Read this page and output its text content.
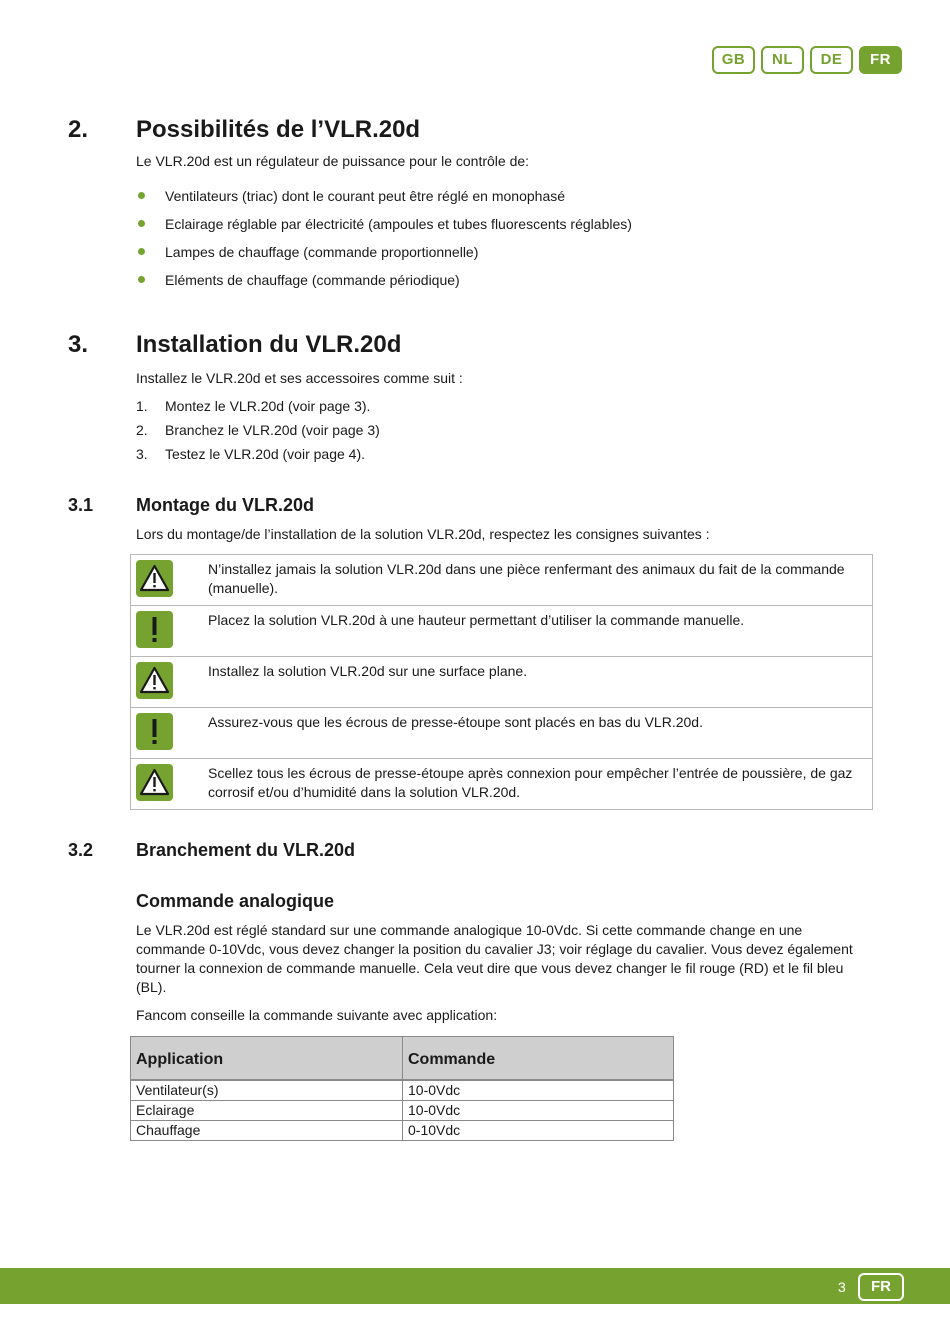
GB	NL	DE	FR
2. Possibilités de l’VLR.20d
Le VLR.20d est un régulateur de puissance pour le contrôle de:
Ventilateurs (triac) dont le courant peut être réglé en monophasé
Eclairage réglable par électricité (ampoules et tubes fluorescents réglables)
Lampes de chauffage (commande proportionnelle)
Eléments de chauffage (commande périodique)
3. Installation du VLR.20d
Installez le VLR.20d et ses accessoires comme suit :
1. Montez le VLR.20d (voir page 3).
2. Branchez le VLR.20d (voir page 3)
3. Testez le VLR.20d (voir page 4).
3.1 Montage du VLR.20d
Lors du montage/de l’installation de la solution VLR.20d, respectez les consignes suivantes :
N’installez jamais la solution VLR.20d dans une pièce renfermant des animaux du fait de la commande (manuelle).
Placez la solution VLR.20d à une hauteur permettant d’utiliser la commande manuelle.
Installez la solution VLR.20d sur une surface plane.
Assurez-vous que les écrous de presse-étoupe sont placés en bas du VLR.20d.
Scellez tous les écrous de presse-étoupe après connexion pour empêcher l’entrée de poussière, de gaz corrosif et/ou d’humidité dans la solution VLR.20d.
3.2 Branchement du VLR.20d
Commande analogique
Le VLR.20d est réglé standard sur une commande analogique 10-0Vdc. Si cette commande change en une commande 0-10Vdc, vous devez changer la position du cavalier J3; voir réglage du cavalier. Vous devez également tourner la connexion de commande manuelle. Cela veut dire que vous devez changer le fil rouge (RD) et le fil bleu (BL).
Fancom conseille la commande suivante avec application:
Application	Commande
Ventilateur(s)	10-0Vdc
Eclairage	10-0Vdc
Chauffage	0-10Vdc
3	FR
